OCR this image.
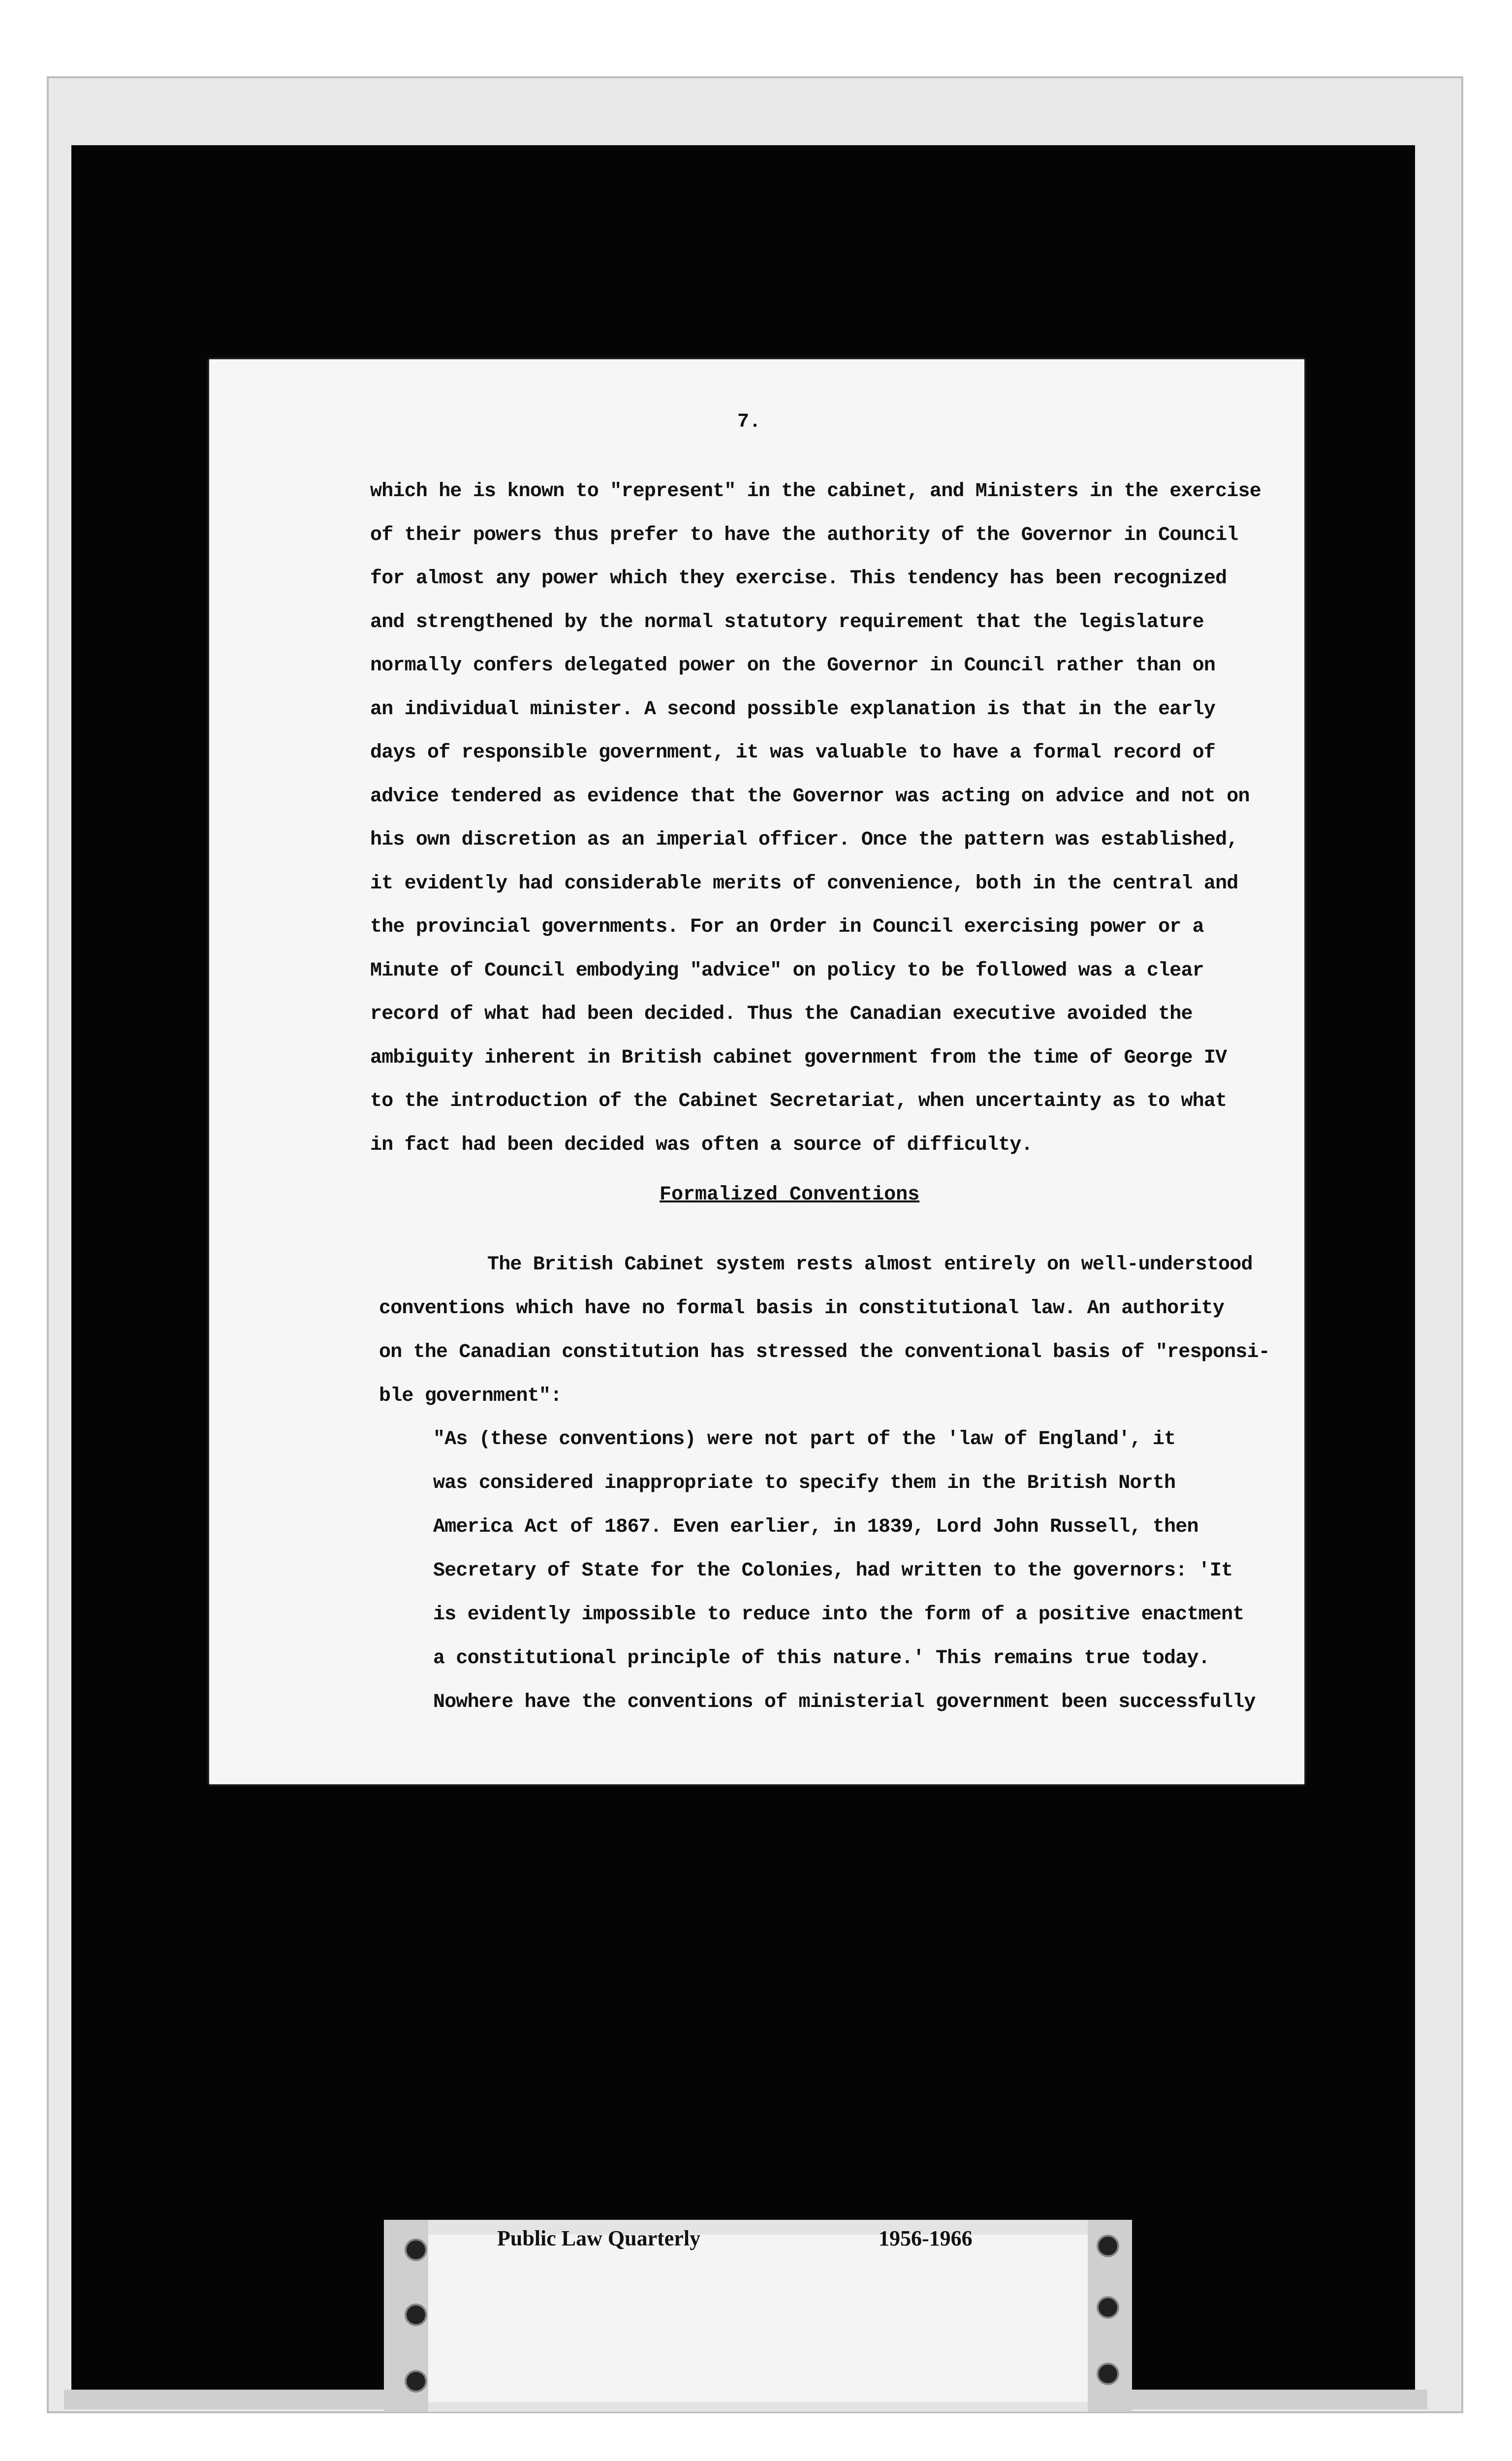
7.
which he is known to "represent" in the cabinet, and Ministers in the exercise
of their powers thus prefer to have the authority of the Governor in Council
for almost any power which they exercise. This tendency has been recognized
and strengthened by the normal statutory requirement that the legislature
normally confers delegated power on the Governor in Council rather than on
an individual minister. A second possible explanation is that in the early
days of responsible government, it was valuable to have a formal record of
advice tendered as evidence that the Governor was acting on advice and not on
his own discretion as an imperial officer. Once the pattern was established,
it evidently had considerable merits of convenience, both in the central and
the provincial governments. For an Order in Council exercising power or a
Minute of Council embodying "advice" on policy to be followed was a clear
record of what had been decided. Thus the Canadian executive avoided the
ambiguity inherent in British cabinet government from the time of George IV
to the introduction of the Cabinet Secretariat, when uncertainty as to what
in fact had been decided was often a source of difficulty.
Formalized Conventions
The British Cabinet system rests almost entirely on well-understood
conventions which have no formal basis in constitutional law. An authority
on the Canadian constitution has stressed the conventional basis of "responsi-
ble government":
"As (these conventions) were not part of the 'law of England', it
was considered inappropriate to specify them in the British North
America Act of 1867. Even earlier, in 1839, Lord John Russell, then
Secretary of State for the Colonies, had written to the governors: 'It
is evidently impossible to reduce into the form of a positive enactment
a constitutional principle of this nature.' This remains true today.
Nowhere have the conventions of ministerial government been successfully
Public Law Quarterly	1956-1966
